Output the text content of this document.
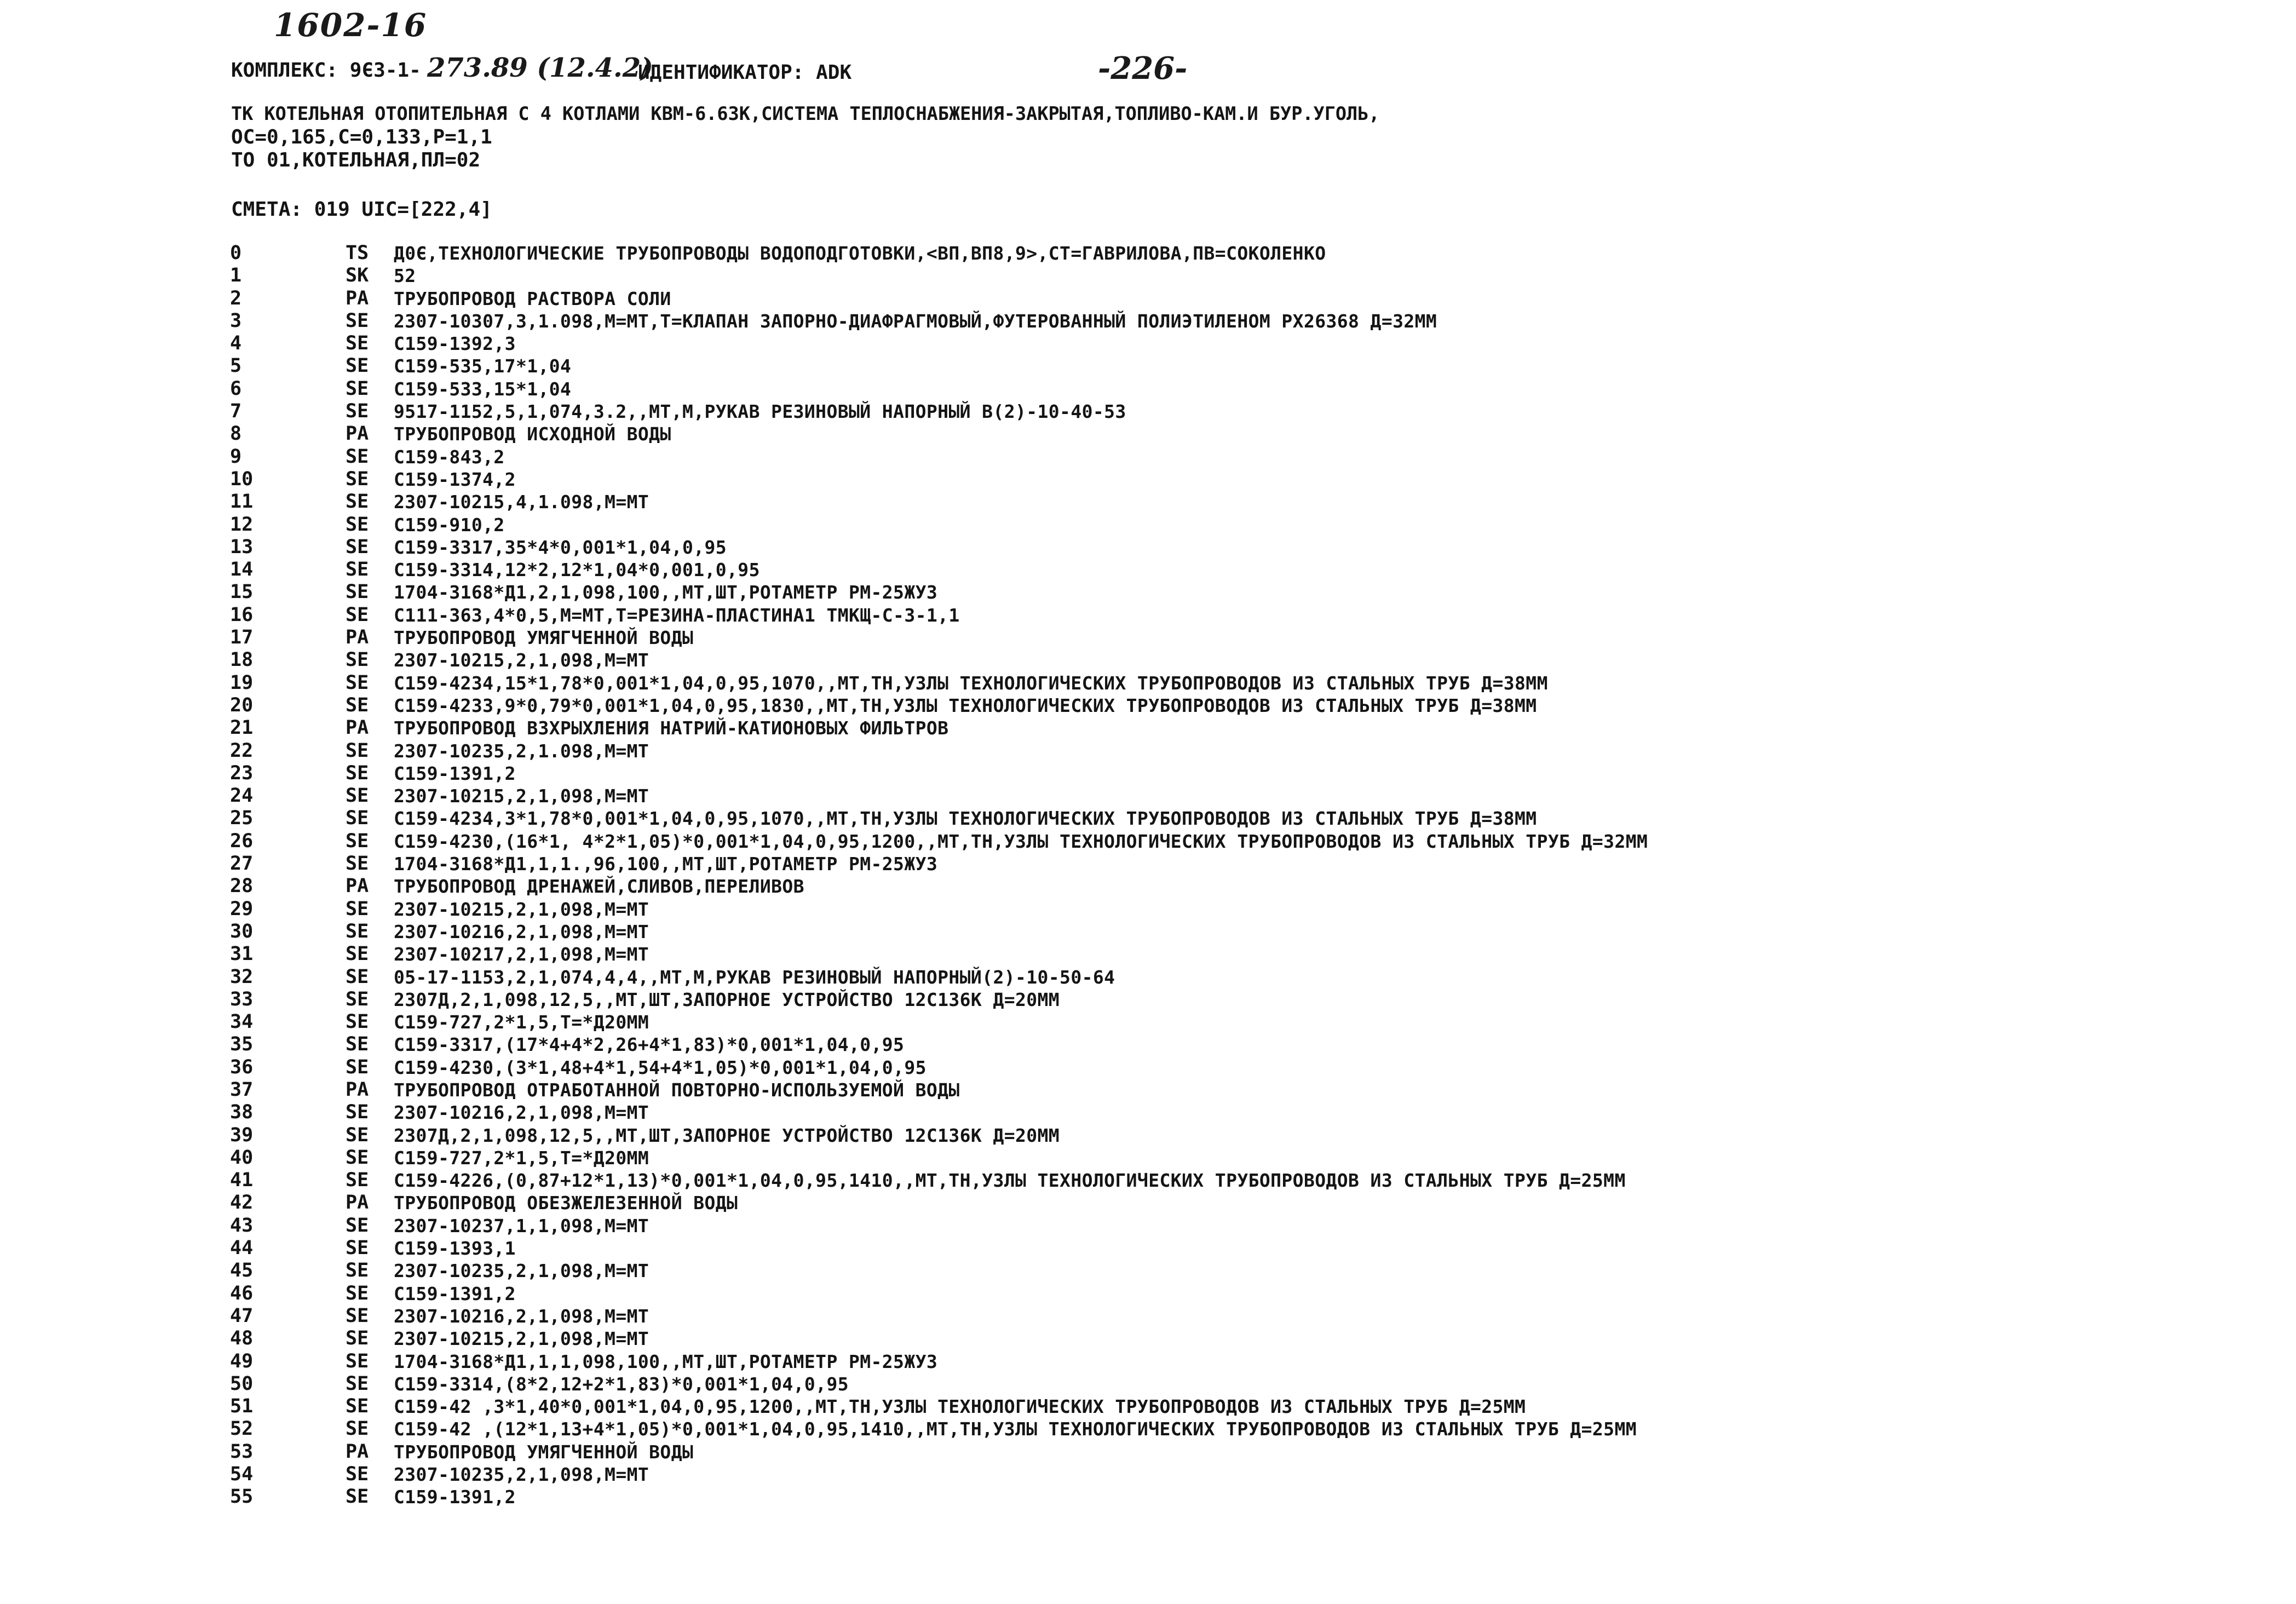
1602-16
КОМПЛЕКС: 9ЄЗ-1- 273.89 (12.4.2)
ИДЕНТИФИКАТОР: ADK	-226-
ТК КОТЕЛЬНАЯ ОТОПИТЕЛЬНАЯ С 4 КОТЛАМИ КВМ-6.63К,СИСТЕМА ТЕПЛОСНАБЖЕНИЯ-ЗАКРЫТАЯ,ТОПЛИВО-КАМ.И БУР.УГОЛЬ,
ОС=0,165,С=0,133,Р=1,1
ТО 01,КОТЕЛЬНАЯ,ПЛ=02
СМЕТА: 019 UIC=[222,4]
0	TS	Д0Є,ТЕХНОЛОГИЧЕСКИЕ ТРУБОПРОВОДЫ ВОДОПОДГОТОВКИ,<ВП,ВП8,9>,СТ=ГАВРИЛОВА,ПВ=СОКОЛЕНКО
1	SK	52
2	PA	ТРУБОПРОВОД РАСТВОРА СОЛИ
3	SE	2307-10307,3,1.098,М=МТ,Т=КЛАПАН ЗАПОРНО-ДИАФРАГМОВЫЙ,ФУТЕРОВАННЫЙ ПОЛИЭТИЛЕНОМ РХ26368 Д=32ММ
4	SE	С159-1392,3
5	SE	С159-535,17*1,04
6	SE	С159-533,15*1,04
7	SE	9517-1152,5,1,074,3.2,,МТ,М,РУКАВ РЕЗИНОВЫЙ НАПОРНЫЙ В(2)-10-40-53
8	PA	ТРУБОПРОВОД ИСХОДНОЙ ВОДЫ
9	SE	С159-843,2
10	SE	С159-1374,2
11	SE	2307-10215,4,1.098,М=МТ
12	SE	С159-910,2
13	SE	С159-3317,35*4*0,001*1,04,0,95
14	SE	С159-3314,12*2,12*1,04*0,001,0,95
15	SE	1704-3168*Д1,2,1,098,100,,МТ,ШТ,РОТАМЕТР РМ-25ЖУЗ
16	SE	С111-363,4*0,5,М=МТ,Т=РЕЗИНА-ПЛАСТИНА1 ТМКЩ-С-3-1,1
17	PA	ТРУБОПРОВОД УМЯГЧЕННОЙ ВОДЫ
18	SE	2307-10215,2,1,098,М=МТ
19	SE	С159-4234,15*1,78*0,001*1,04,0,95,1070,,МТ,ТН,УЗЛЫ ТЕХНОЛОГИЧЕСКИХ ТРУБОПРОВОДОВ ИЗ СТАЛЬНЫХ ТРУБ Д=38ММ
20	SE	С159-4233,9*0,79*0,001*1,04,0,95,1830,,МТ,ТН,УЗЛЫ ТЕХНОЛОГИЧЕСКИХ ТРУБОПРОВОДОВ ИЗ СТАЛЬНЫХ ТРУБ Д=38ММ
21	PA	ТРУБОПРОВОД ВЗХРЫХЛЕНИЯ НАТРИЙ-КАТИОНОВЫХ ФИЛЬТРОВ
22	SE	2307-10235,2,1.098,М=МТ
23	SE	С159-1391,2
24	SE	2307-10215,2,1,098,М=МТ
25	SE	С159-4234,3*1,78*0,001*1,04,0,95,1070,,МТ,ТН,УЗЛЫ ТЕХНОЛОГИЧЕСКИХ ТРУБОПРОВОДОВ ИЗ СТАЛЬНЫХ ТРУБ Д=38ММ
26	SE	С159-4230,(16*1, 4*2*1,05)*0,001*1,04,0,95,1200,,МТ,ТН,УЗЛЫ ТЕХНОЛОГИЧЕСКИХ ТРУБОПРОВОДОВ ИЗ СТАЛЬНЫХ ТРУБ Д=32ММ
27	SE	1704-3168*Д1,1,1.,96,100,,МТ,ШТ,РОТАМЕТР РМ-25ЖУЗ
28	PA	ТРУБОПРОВОД ДРЕНАЖЕЙ,СЛИВОВ,ПЕРЕЛИВОВ
29	SE	2307-10215,2,1,098,М=МТ
30	SE	2307-10216,2,1,098,М=МТ
31	SE	2307-10217,2,1,098,М=МТ
32	SE	05-17-1153,2,1,074,4,4,,МТ,М,РУКАВ РЕЗИНОВЫЙ НАПОРНЫЙ(2)-10-50-64
33	SE	2307Д,2,1,098,12,5,,МТ,ШТ,ЗАПОРНОЕ УСТРОЙСТВО 12С136К Д=20ММ
34	SE	С159-727,2*1,5,Т=*Д20ММ
35	SE	С159-3317,(17*4+4*2,26+4*1,83)*0,001*1,04,0,95
36	SE	С159-4230,(3*1,48+4*1,54+4*1,05)*0,001*1,04,0,95
37	PA	ТРУБОПРОВОД ОТРАБОТАННОЙ ПОВТОРНО-ИСПОЛЬЗУЕМОЙ ВОДЫ
38	SE	2307-10216,2,1,098,М=МТ
39	SE	2307Д,2,1,098,12,5,,МТ,ШТ,ЗАПОРНОЕ УСТРОЙСТВО 12С136К Д=20ММ
40	SE	С159-727,2*1,5,Т=*Д20ММ
41	SE	С159-4226,(0,87+12*1,13)*0,001*1,04,0,95,1410,,МТ,ТН,УЗЛЫ ТЕХНОЛОГИЧЕСКИХ ТРУБОПРОВОДОВ ИЗ СТАЛЬНЫХ ТРУБ Д=25ММ
42	PA	ТРУБОПРОВОД ОБЕЗЖЕЛЕЗЕННОЙ ВОДЫ
43	SE	2307-10237,1,1,098,М=МТ
44	SE	С159-1393,1
45	SE	2307-10235,2,1,098,М=МТ
46	SE	С159-1391,2
47	SE	2307-10216,2,1,098,М=МТ
48	SE	2307-10215,2,1,098,М=МТ
49	SE	1704-3168*Д1,1,1,098,100,,МТ,ШТ,РОТАМЕТР РМ-25ЖУЗ
50	SE	С159-3314,(8*2,12+2*1,83)*0,001*1,04,0,95
51	SE	С159-42 ,3*1,40*0,001*1,04,0,95,1200,,МТ,ТН,УЗЛЫ ТЕХНОЛОГИЧЕСКИХ ТРУБОПРОВОДОВ ИЗ СТАЛЬНЫХ ТРУБ Д=25ММ
52	SE	С159-42 ,(12*1,13+4*1,05)*0,001*1,04,0,95,1410,,МТ,ТН,УЗЛЫ ТЕХНОЛОГИЧЕСКИХ ТРУБОПРОВОДОВ ИЗ СТАЛЬНЫХ ТРУБ Д=25ММ
53	PA	ТРУБОПРОВОД УМЯГЧЕННОЙ ВОДЫ
54	SE	2307-10235,2,1,098,М=МТ
55	SE	С159-1391,2
